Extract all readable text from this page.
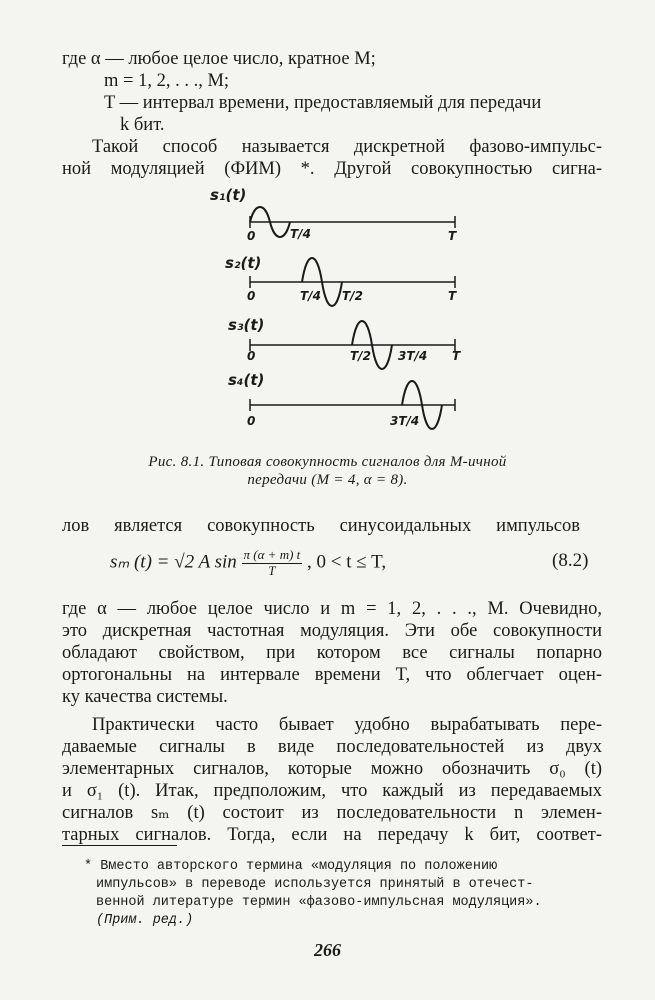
где α — любое целое число, кратное M;
m = 1, 2, . . ., M;
T — интервал времени, предоставляемый для передачи
k бит.
Такой способ называется дискретной фазово-импульс-
ной модуляцией (ФИМ) *. Другой совокупностью сигна-
s₁(t)
0	T/4	T
s₂(t)
0	T/4 T/2	T
s₃(t)
0	T/2 3T/4 T
s₄(t)
0	3T/4
Рис. 8.1. Типовая совокупность сигналов для M-ичной
передачи (M = 4, α = 8).
лов является совокупность синусоидальных импульсов
sₘ (t) = √2 A $\sin \frac{\pi (\alpha + m) t}{T}$ , 0 < t ≤ T,	(8.2)
где α — любое целое число и m = 1, 2, . . ., M. Очевидно,
это дискретная частотная модуляция. Эти обе совокупности
обладают свойством, при котором все сигналы попарно
ортогональны на интервале времени T, что облегчает оцен-
ку качества системы.
Практически часто бывает удобно вырабатывать пере-
даваемые сигналы в виде последовательностей из двух
элементарных сигналов, которые можно обозначить σ₀ (t)
и σ₁ (t). Итак, предположим, что каждый из передаваемых
сигналов sₘ (t) состоит из последовательности n элемен-
тарных сигналов. Тогда, если на передачу k бит, соответ-
* Вместо авторского термина «модуляция по положению
импульсов» в переводе используется принятый в отечест-
венной литературе термин «фазово-импульсная модуляция».
(Прим. ред.)
266
